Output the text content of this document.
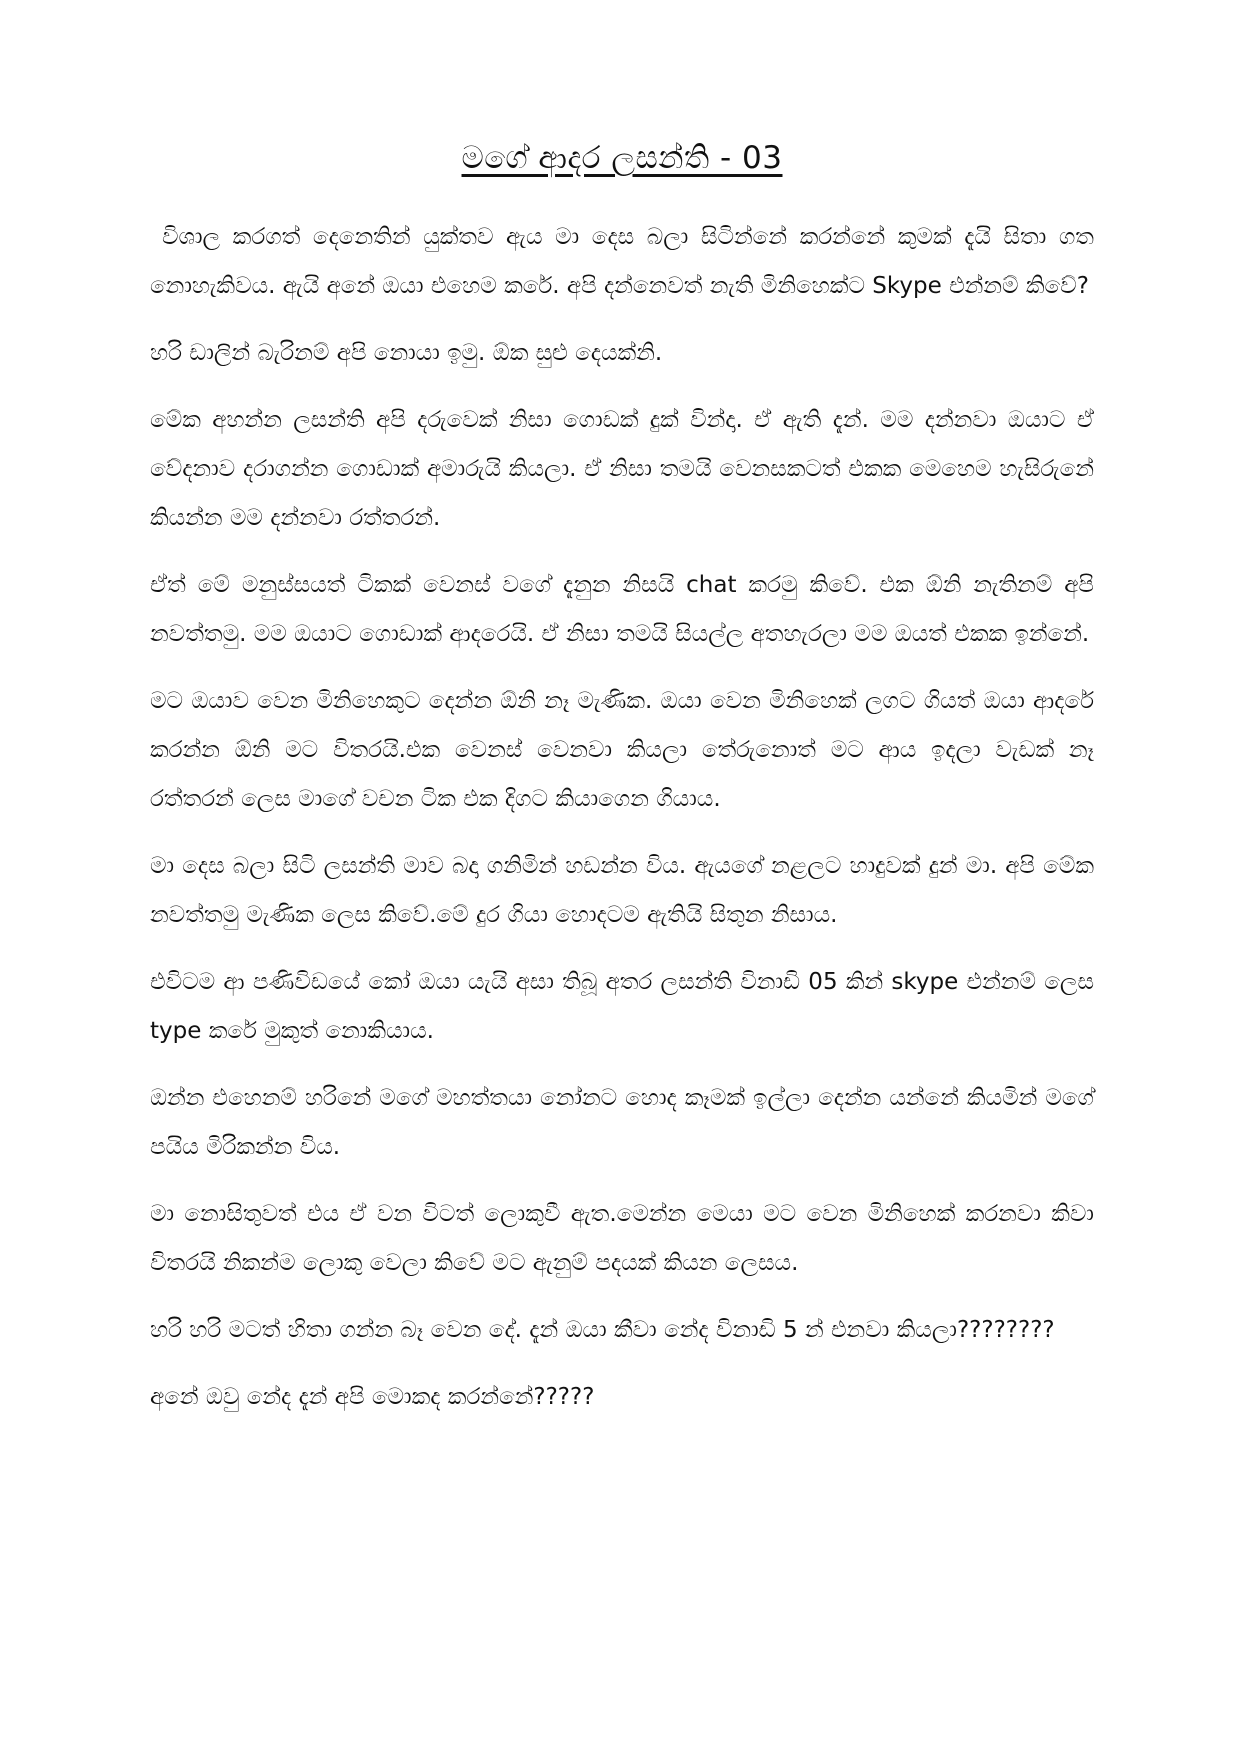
මගේ ආදර ලසන්ති - 03

විශාල කරගත් දෙනෙතින් යුක්තව ඇය මා දෙස බලා සිටින්නේ කරන්නේ කුමක් දැයි සිතා ගත නොහැකිවය. ඇයි අනේ ඔයා එහෙම කරේ. අපි දන්නෙවත් නැති මිනිහෙක්ට Skype එන්නම් කිවේ?

හරි ඩාලින් බැරිනම් අපි නොයා ඉමු. ඕක සුළු දෙයක්නි.

මේක අහන්න ලසන්ති අපි දරුවෙක් නිසා ගොඩක් දුක් වින්දා. ඒ ඇති දැන්. මම දන්නවා ඔයාට ඒ වේදනාව දරාගන්න ගොඩාක් අමාරුයි කියලා. ඒ නිසා තමයි වෙනසකටත් එකක මෙහෙම හැසිරුනේ කියන්න මම දන්නවා රත්තරන්.

ඒත් මේ මනුස්සයත් ටිකක් වෙනස් වගේ දැනුන නිසයි chat කරමු කිවේ. එක ඕනි නැතිනම් අපි නවත්තමු. මම ඔයාට ගොඩාක් ආදරෙයි. ඒ නිසා තමයි සියල්ල අතහැරලා මම ඔයත් එකක ඉන්නේ.

මට ඔයාව වෙන මිනිහෙකුට දෙන්න ඕනි නෑ මැණික. ඔයා වෙන මිනිහෙක් ලගට ගියත් ඔයා ආදරේ කරන්න ඕනි මට විතරයි.එක වෙනස් වෙනවා කියලා තේරුනොත් මට ආය ඉදලා වැඩක් නෑ රත්තරන් ලෙස මාගේ වචන ටික එක දිගට කියාගෙන ගියාය.

මා දෙස බලා සිටි ලසන්ති මාව බදා ගනිමින් හඩන්න විය. ඇයගේ නළලට හාදුවක් දුන් මා. අපි මේක නවත්තමු මැණික ලෙස කිවේ.මේ දුර ගියා හොදටම ඇතියි සිතුන නිසාය.

එවිටම ආ පණිවිඩයේ කෝ ඔයා යැයි අසා තිබූ අතර ලසන්ති විනාඩි 05 කින් skype එන්නම් ලෙස type කරේ මුකුත් නොකියාය.

ඔන්න එහෙනම් හරිනේ මගේ මහත්තයා නෝනට හොද කෑමක් ඉල්ලා දෙන්න යන්නේ කියමින් මගේ පයිය මිරිකන්න විය.

මා නොසිතුවත් එය ඒ වන විටත් ලොකුවී ඇත.මෙන්න මෙයා මට වෙන මිනිහෙක් කරනවා කිවා විතරයි නිකන්ම ලොකු වෙලා කිවේ මට ඇනුම් පදයක් කියන ලෙසය.

හරි හරි මටත් හිතා ගන්න බෑ වෙන දේ. දැන් ඔයා කීවා නේද විනාඩි 5 න් එනවා කියලා????????

අනේ ඔවු නේද දැන් අපි මොකද කරන්නේ?????
